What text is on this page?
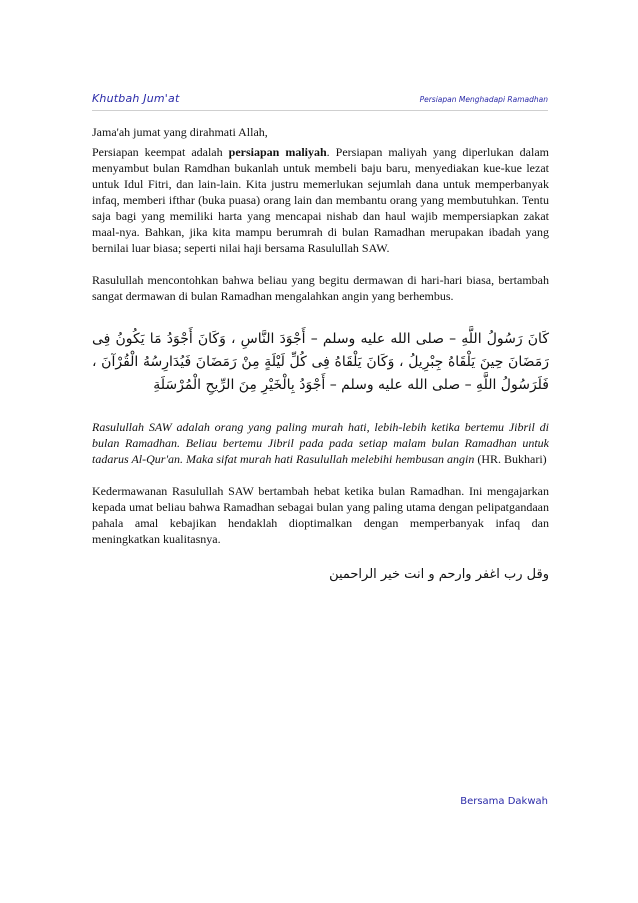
Khutbah Jum'at	Persiapan Menghadapi Ramadhan

Jama'ah jumat yang dirahmati Allah,

Persiapan keempat adalah persiapan maliyah. Persiapan maliyah yang diperlukan dalam menyambut bulan Ramdhan bukanlah untuk membeli baju baru, menyediakan kue-kue lezat untuk Idul Fitri, dan lain-lain. Kita justru memerlukan sejumlah dana untuk memperbanyak infaq, memberi ifthar (buka puasa) orang lain dan membantu orang yang membutuhkan. Tentu saja bagi yang memiliki harta yang mencapai nishab dan haul wajib mempersiapkan zakat maal-nya. Bahkan, jika kita mampu berumrah di bulan Ramadhan merupakan ibadah yang bernilai luar biasa; seperti nilai haji bersama Rasulullah SAW.

Rasulullah mencontohkan bahwa beliau yang begitu dermawan di hari-hari biasa, bertambah sangat dermawan di bulan Ramadhan mengalahkan angin yang berhembus.

كَانَ رَسُولُ اللَّهِ – صلى الله عليه وسلم – أَجْوَدَ النَّاسِ ، وَكَانَ أَجْوَدُ مَا يَكُونُ فِى رَمَضَانَ حِينَ يَلْقَاهُ جِبْرِيلُ ، وَكَانَ يَلْقَاهُ فِى كُلِّ لَيْلَةٍ مِنْ رَمَضَانَ فَيُدَارِسُهُ الْقُرْآنَ ، فَلَرَسُولُ اللَّهِ – صلى الله عليه وسلم – أَجْوَدُ بِالْخَيْرِ مِنَ الرِّيحِ الْمُرْسَلَةِ

Rasulullah SAW adalah orang yang paling murah hati, lebih-lebih ketika bertemu Jibril di bulan Ramadhan. Beliau bertemu Jibril pada pada setiap malam bulan Ramadhan untuk tadarus Al-Qur'an. Maka sifat murah hati Rasulullah melebihi hembusan angin (HR. Bukhari)

Kedermawanan Rasulullah SAW bertambah hebat ketika bulan Ramadhan. Ini mengajarkan kepada umat beliau bahwa Ramadhan sebagai bulan yang paling utama dengan pelipatgandaan pahala amal kebajikan hendaklah dioptimalkan dengan memperbanyak infaq dan meningkatkan kualitasnya.

وقل رب اغفر وارحم و انت خير الراحمين

Bersama Dakwah
